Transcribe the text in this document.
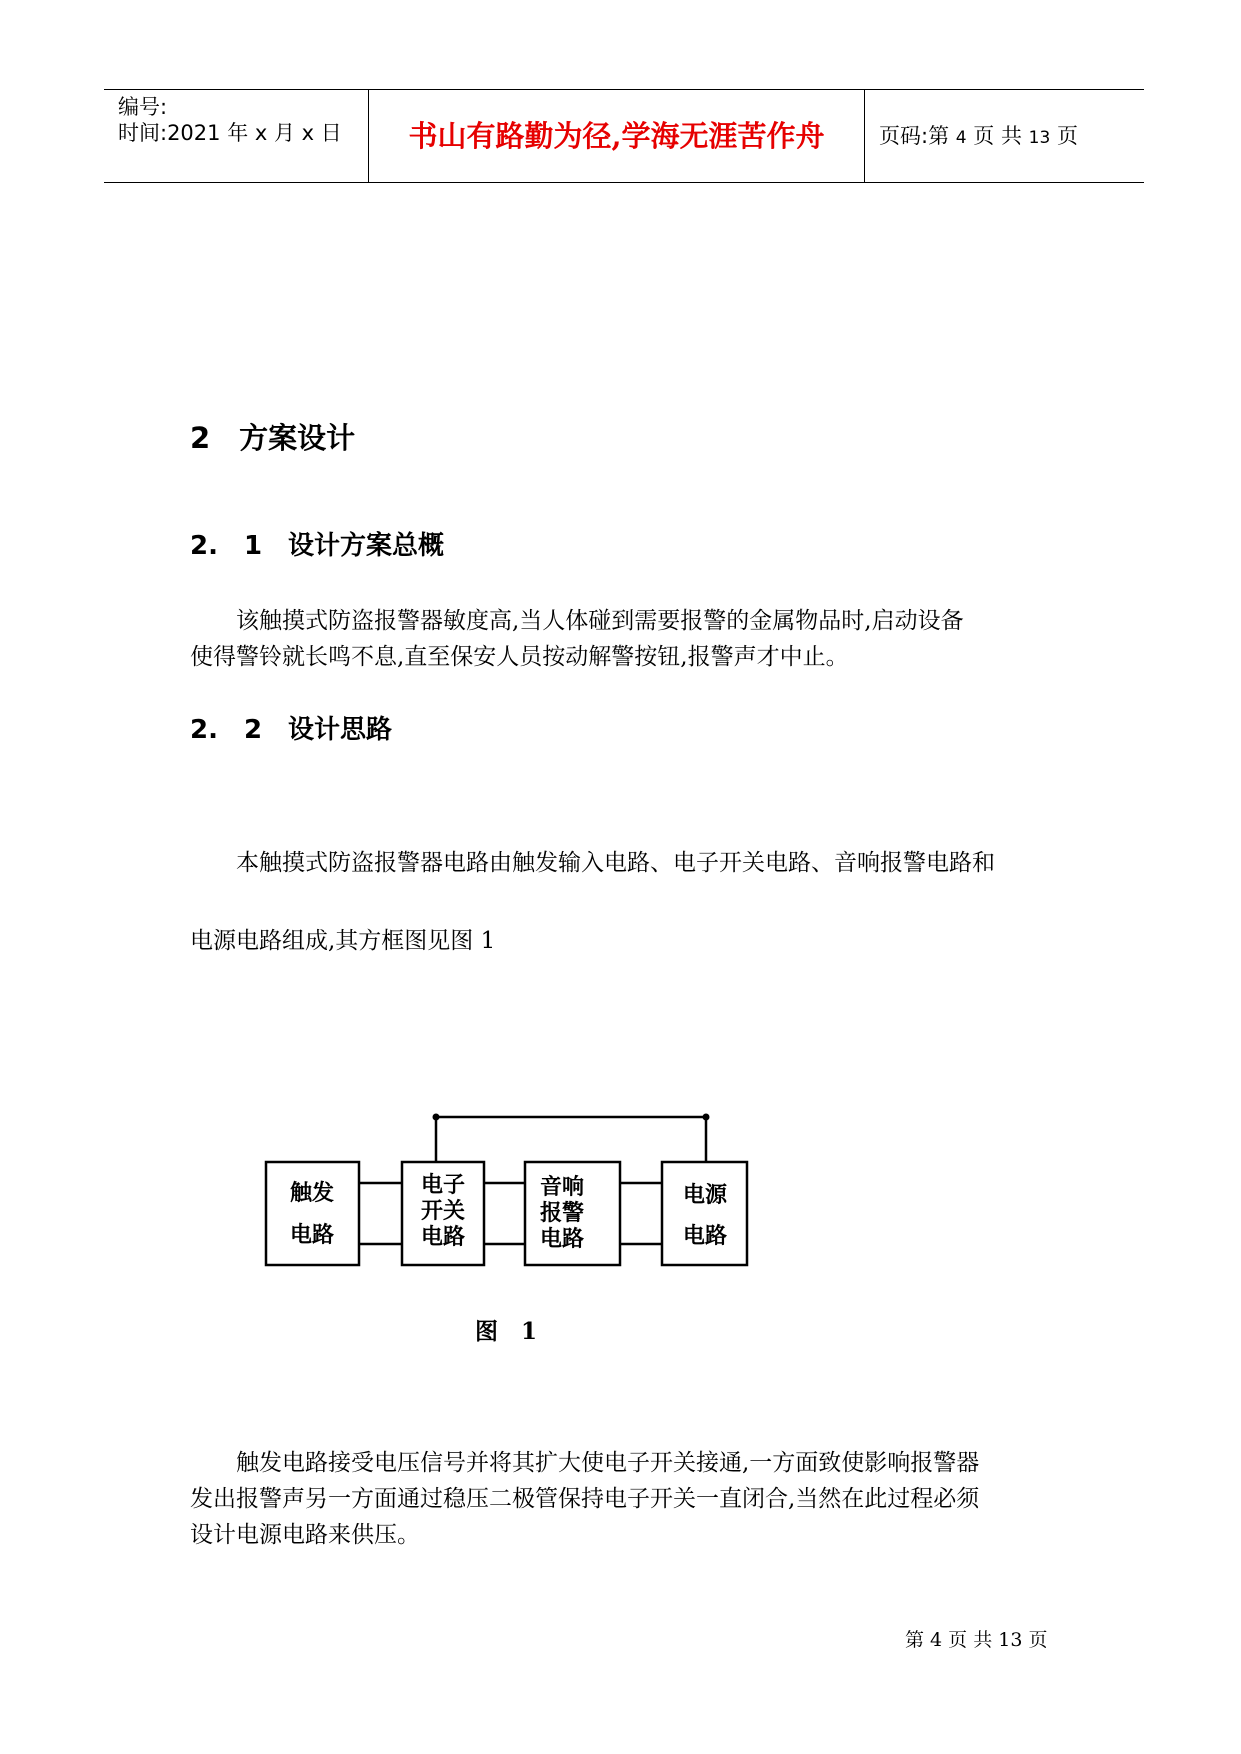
编号:
时间:2021 年 x 月 x 日	书山有路勤为径,学海无涯苦作舟	页码:第 4 页 共 13 页
2　方案设计
2.　1　设计方案总概
　　该触摸式防盗报警器敏度高,当人体碰到需要报警的金属物品时,启动设备
使得警铃就长鸣不息,直至保安人员按动解警按钮,报警声才中止。
2.　2　设计思路
　　本触摸式防盗报警器电路由触发输入电路、电子开关电路、音响报警电路和
电源电路组成,其方框图见图 1
触发
电路
电子
开关
电路
音响
报警
电路
电源
电路
图　1
　　触发电路接受电压信号并将其扩大使电子开关接通,一方面致使影响报警器
发出报警声另一方面通过稳压二极管保持电子开关一直闭合,当然在此过程必须
设计电源电路来供压。
第 4 页 共 13 页
